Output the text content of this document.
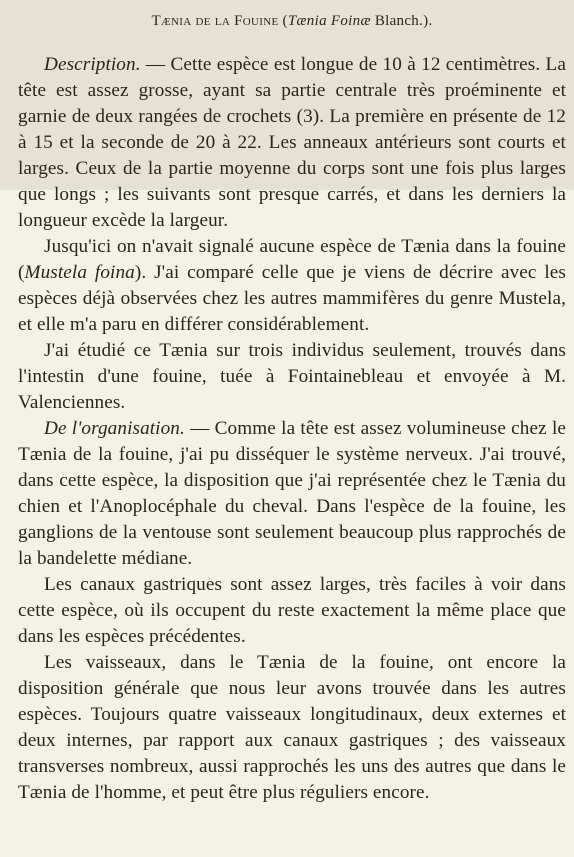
Tænia de la Fouine (Tænia Foinæ Blanch.).

Description. — Cette espèce est longue de 10 à 12 centimètres. La tête est assez grosse, ayant sa partie centrale très proéminente et garnie de deux rangées de crochets (3). La première en présente de 12 à 15 et la seconde de 20 à 22. Les anneaux antérieurs sont courts et larges. Ceux de la partie moyenne du corps sont une fois plus larges que longs ; les suivants sont presque carrés, et dans les derniers la longueur excède la largeur.

Jusqu'ici on n'avait signalé aucune espèce de Tænia dans la fouine (Mustela foina). J'ai comparé celle que je viens de décrire avec les espèces déjà observées chez les autres mammifères du genre Mustela, et elle m'a paru en différer considérablement.

J'ai étudié ce Tænia sur trois individus seulement, trouvés dans l'intestin d'une fouine, tuée à Fointainebleau et envoyée à M. Valenciennes.

De l'organisation. — Comme la tête est assez volumineuse chez le Tænia de la fouine, j'ai pu disséquer le système nerveux. J'ai trouvé, dans cette espèce, la disposition que j'ai représentée chez le Tænia du chien et l'Anoplocéphale du cheval. Dans l'espèce de la fouine, les ganglions de la ventouse sont seulement beaucoup plus rapprochés de la bandelette médiane.

Les canaux gastriques sont assez larges, très faciles à voir dans cette espèce, où ils occupent du reste exactement la même place que dans les espèces précédentes.

Les vaisseaux, dans le Tænia de la fouine, ont encore la disposition générale que nous leur avons trouvée dans les autres espèces. Toujours quatre vaisseaux longitudinaux, deux externes et deux internes, par rapport aux canaux gastriques ; des vaisseaux transverses nombreux, aussi rapprochés les uns des autres que dans le Tænia de l'homme, et peut être plus réguliers encore.
